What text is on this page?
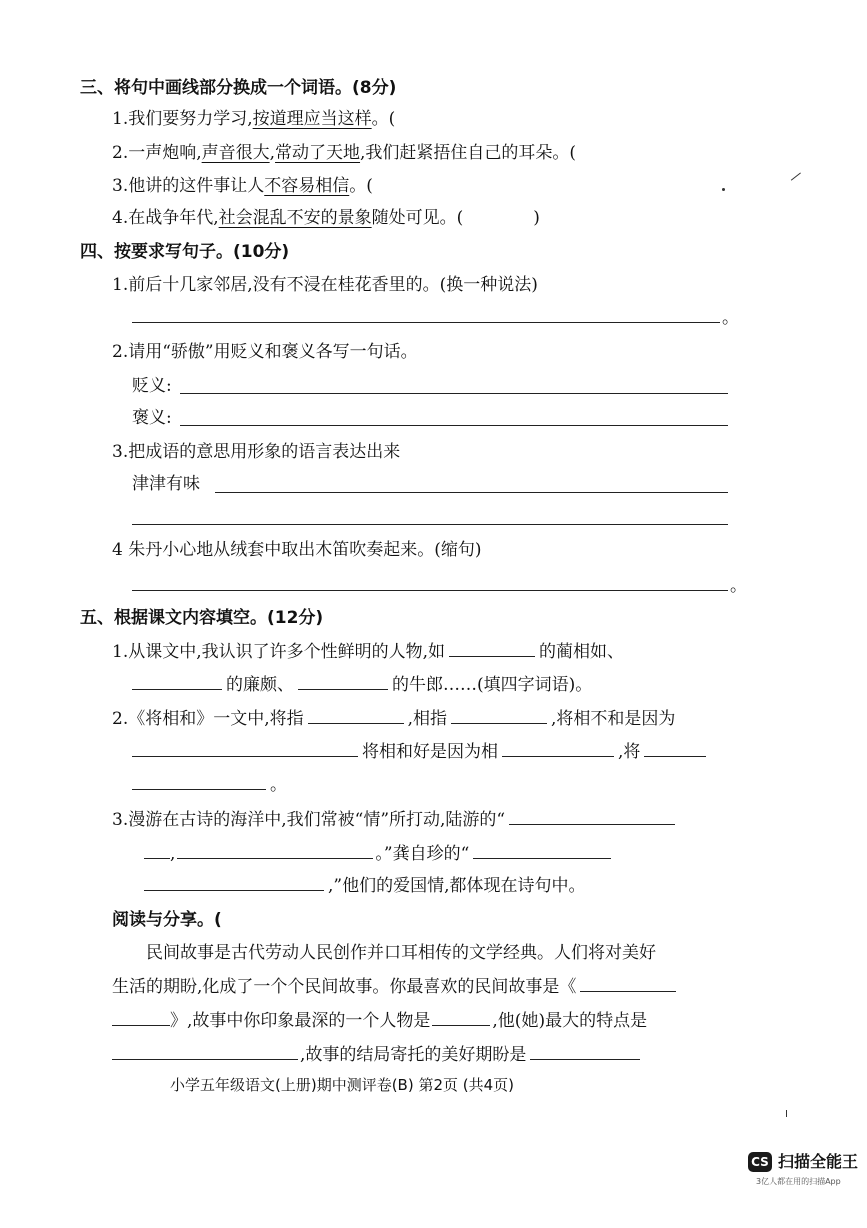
三、将句中画线部分换成一个词语。(8分)
1.我们要努力学习,按道理应当这样。(
2.一声炮响,声音很大,常动了天地,我们赶紧捂住自己的耳朵。(
3.他讲的这件事让人不容易相信。(
4.在战争年代,社会混乱不安的景象随处可见。(	)
四、按要求写句子。(10分)
1.前后十几家邻居,没有不浸在桂花香里的。(换一种说法)
。
2.请用“骄傲”用贬义和褒义各写一句话。
贬义:
褒义:
3.把成语的意思用形象的语言表达出来
津津有味
4 朱丹小心地从绒套中取出木笛吹奏起来。(缩句)
。
五、根据课文内容填空。(12分)
1.从课文中,我认识了许多个性鲜明的人物,如	的蔺相如、
的廉颇、	的牛郎……(填四字词语)。
2.《将相和》一文中,将指	,相指	,将相不和是因为
将相和好是因为相	,将
。
3.漫游在古诗的海洋中,我们常被“情”所打动,陆游的“
,	。”龚自珍的“
,”他们的爱国情,都体现在诗句中。
阅读与分享。(
民间故事是古代劳动人民创作并口耳相传的文学经典。人们将对美好
生活的期盼,化成了一个个民间故事。你最喜欢的民间故事是《
》,故事中你印象最深的一个人物是	,他(她)最大的特点是
,故事的结局寄托的美好期盼是
小学五年级语文(上册)期中测评卷(B) 第2页 (共4页)
CS 扫描全能王
3亿人都在用的扫描App
